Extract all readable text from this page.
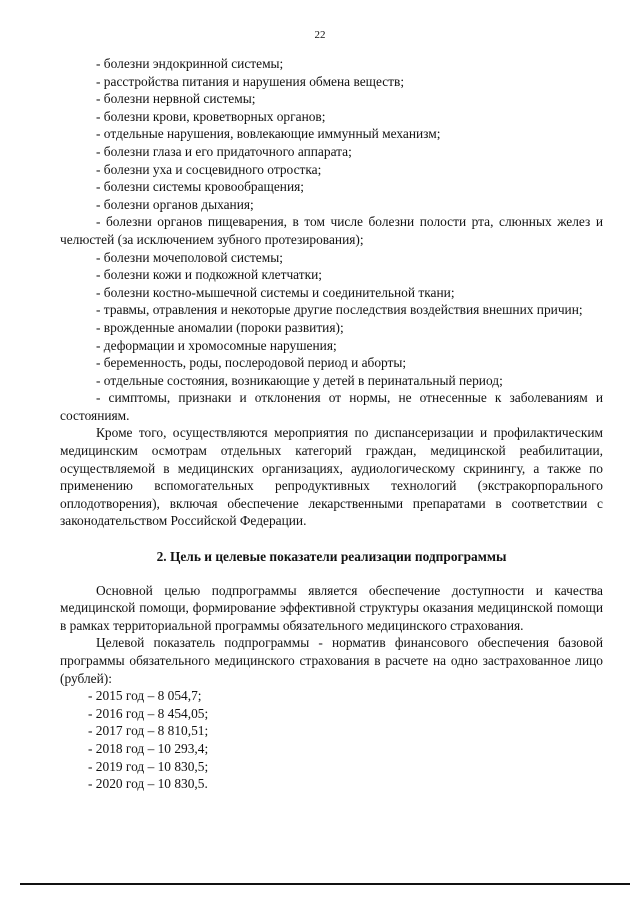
22
- болезни эндокринной системы;
- расстройства питания и нарушения обмена веществ;
- болезни нервной системы;
- болезни крови, кроветворных органов;
- отдельные нарушения, вовлекающие иммунный механизм;
- болезни глаза и его придаточного аппарата;
- болезни уха и сосцевидного отростка;
- болезни системы кровообращения;
- болезни органов дыхания;
- болезни органов пищеварения, в том числе болезни полости рта, слюнных желез и челюстей (за исключением зубного протезирования);
- болезни мочеполовой системы;
- болезни кожи и подкожной клетчатки;
- болезни костно-мышечной системы и соединительной ткани;
- травмы, отравления и некоторые другие последствия воздействия внешних причин;
- врожденные аномалии (пороки развития);
- деформации и хромосомные нарушения;
- беременность, роды, послеродовой период и аборты;
- отдельные состояния, возникающие у детей в перинатальный период;
- симптомы, признаки и отклонения от нормы, не отнесенные к заболеваниям и состояниям.
Кроме того, осуществляются мероприятия по диспансеризации и профилактическим медицинским осмотрам отдельных категорий граждан, медицинской реабилитации, осуществляемой в медицинских организациях, аудиологическому скринингу, а также по применению вспомогательных репродуктивных технологий (экстракорпорального оплодотворения), включая обеспечение лекарственными препаратами в соответствии с законодательством Российской Федерации.
2. Цель и целевые показатели реализации подпрограммы
Основной целью подпрограммы является обеспечение доступности и качества медицинской помощи, формирование эффективной структуры оказания медицинской помощи в рамках территориальной программы обязательного медицинского страхования.
Целевой показатель подпрограммы - норматив финансового обеспечения базовой программы обязательного медицинского страхования в расчете на одно застрахованное лицо (рублей):
- 2015 год – 8 054,7;
- 2016 год – 8 454,05;
- 2017 год – 8 810,51;
- 2018 год – 10 293,4;
- 2019 год – 10 830,5;
- 2020 год – 10 830,5.
